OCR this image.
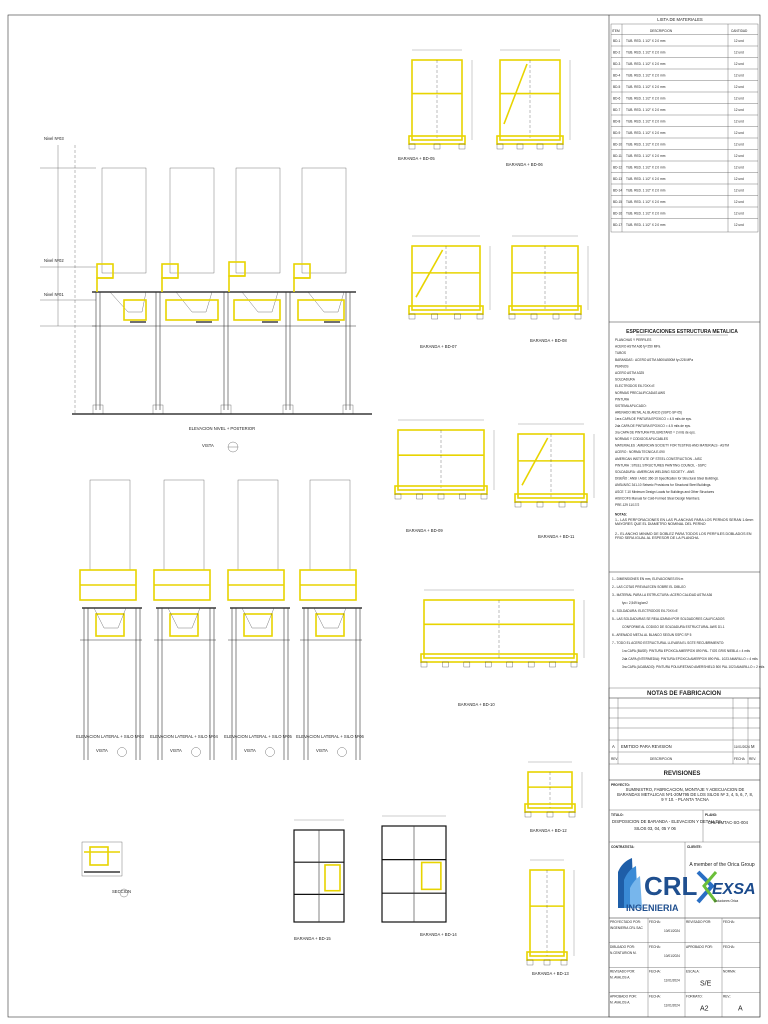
LISTA DE MATERIALES
ITEM	DESCRIPCION	CANTIDAD
BD-1 TUB. RED. 1 1/2" X 2.0 mm	12 und
BD-2 TUB. RED. 1 1/2" X 2.0 mm	12 und
BD-3 TUB. RED. 1 1/2" X 2.0 mm	12 und
BD-4 TUB. RED. 1 1/2" X 2.0 mm	12 und
BD-5 TUB. RED. 1 1/2" X 2.0 mm	12 und
BD-6 TUB. RED. 1 1/2" X 2.0 mm	12 und
BD-7 TUB. RED. 1 1/2" X 2.0 mm	12 und
BD-8 TUB. RED. 1 1/2" X 2.0 mm	12 und
BD-9 TUB. RED. 1 1/2" X 2.0 mm	12 und
BD-10 TUB. RED. 1 1/2" X 2.0 mm	12 und
BD-11 TUB. RED. 1 1/2" X 2.0 mm	12 und
BD-12 TUB. RED. 1 1/2" X 2.0 mm	12 und
BD-13 TUB. RED. 1 1/2" X 2.0 mm	12 und
BD-14 TUB. RED. 1 1/2" X 2.0 mm	12 und
BD-15 TUB. RED. 1 1/2" X 2.0 mm	12 und
BD-16 TUB. RED. 1 1/2" X 2.0 mm	12 und
BD-17 TUB. RED. 1 1/2" X 2.0 mm	12 und
ESPECIFICACIONES ESTRUCTURA METALICA
PLANCHAS Y PERFILES
ACERO ASTM A36 fy=250 MPa
TUBOS
BARANDAS : ACERO ASTM A500/A500M fy=228 MPa
PERNOS
ACERO ASTM A325
SOLDADURA
ELECTRODOS E6-70XX=E
NORMAS PRECALIFICADAS AWS
PINTURA
SISTEMA APLICADO:
ARENADO METAL AL BLANCO (SSPC-SP-05)
1era CAPA DE PINTURA EPOXICO = 4.5 mils de eps.
2da CAPA DE PINTURA EPOXICO = 4.5 mils de eps.
3ra CAPA DE PINTURA POLIURETANO = 2 mils de eps.
NORMAS Y CODIGOS APLICABLES
MATERIALES : AMERICAN SOCIETY FOR TESTING AND MATERIALS - ASTM
ACERO : NORMA TECNICA E-090
AMERICAN INSTITUTE OF STEEL CONSTRUCTION - AISC
PINTURA : STEEL STRUCTURES PAINTING COUNCIL - SSPC
SOLDADURA : AMERICAN WELDING SOCIETY - AWS
DISEÑO : ANSI / AISC 360-10 Specification for Structural Steel Buildings.
ANSI/AISC 341-10 Seismic Provisions for Structural Steel Buildings.
ASCE 7-10 Minimum Design Loads for Buildings and Other Structures
AISI/COFS Manual for Cold-Formed Steel Design Members.
PRE-129 11/17/2
NOTAS:
1.- LAS PERFORACIONES EN LAS PLANCHAS PARA LOS PERNOS SERAN 1.6mm MAYORES QUE EL DIAMETRO NOMINAL DEL PERNO
2.- EL ANCHO MINIMO DE DOBLEZ PARA TODOS LOS PERFILES DOBLADOS EN FRIO SERA IGUAL AL ESPESOR DE LA PLANCHA.
1.- DIMENSIONES EN mm, ELEVACIONES EN m
2.- LAS COTAS PREVALECEN SOBRE EL DIBUJO
3.- MATERIAL PARA LA ESTRUCTURA: ACERO CALIDAD ASTM A36
fyc= 2,549 kg/cm2
4.- SOLDADURA: ELECTRODOS E6-70XX=E
5.- LAS SOLDADURAS SE REALIZARAN POR SOLDADORES CALIFICADOS
CONFORME AL CODIGO DE SOLDADURA ESTRUCTURAL AWS D1.1
6.- ARENADO METAL AL BLANCO SEGUN SSPC SP 5
7.- TODO EL ACERO ESTRUCTURAL LLEVARA EL SGTE RECUBRIMIENTO:
1ra CAPA (BASE): PINTURA EPOXICA AMERPOXI 890 PAL. TIOS GRIS NIEBLA = 4 mils
2da CAPA (INTERMEDIA): PINTURA EPOXICA AMERPOXI 890 PAL. 1023 AMARILLO = 4 mils
3ra CAPA (ACABADO): PINTURA POLIURETANO AMERSHIELD 500 PAL 1023 AMARILLO = 2 mils
NOTAS DE FABRICACION
A EMITIDO PARA REVISION	11/01/2024 M
REV.	DESCRIPCION	FECHA REV.
REVISIONES
PROYECTO:
SUMINISTRO, FABRICACION, MONTAJE Y ADECUACION DE BARANDAS METALICAS Nº1-20M795 DE LOS SILOS Nº 3, 4, 5, 6, 7, 8, 9 Y 10. - PLANTA TACNA
TITULO:
DISPOSICION DE BARANDA - ELEVACION Y DETALLES
SILOS 03, 04, 05 Y 06
PLANO:
CRL-EMTAC-SG-004
CONTRATISTA:	CLIENTE:
CRL
INGENIERIA
A member of the Orica Group
EXSA
Soluciones Orica
PROYECTADO POR:
INGENIERIA CRL SAC
FECHA:
10/01/2024
REVISADO POR:	FECHA:
DIBUJADO POR:
N.CENTURION M.
FECHA:
10/01/2024
APROBADO POR:	FECHA:
REVISADO POR:
M. AVALOS A.
FECHA:
11/01/2024
ESCALA:
S/E
NORMA:
APROBADO POR:
M. AVALOS A.
FECHA:
11/01/2024
FORMATO:
A2
REV.:
A
Nivel Nº03
Nivel Nº02
Nivel Nº01
ELEVACION NIVEL + POSTERIOR
VISTA
ELEVACION LATERAL + SILO Nº03
VISTA
ELEVACION LATERAL + SILO Nº04
VISTA
ELEVACION LATERAL + SILO Nº05
VISTA
ELEVACION LATERAL + SILO Nº06
VISTA
SECCION
BARANDA + BD-05
BARANDA + BD-06
BARANDA + BD-07
BARANDA + BD-08
BARANDA + BD-09
BARANDA + BD-11
BARANDA + BD-10
BARANDA + BD-12
BARANDA + BD-13
BARANDA + BD-14
BARANDA + BD-15
